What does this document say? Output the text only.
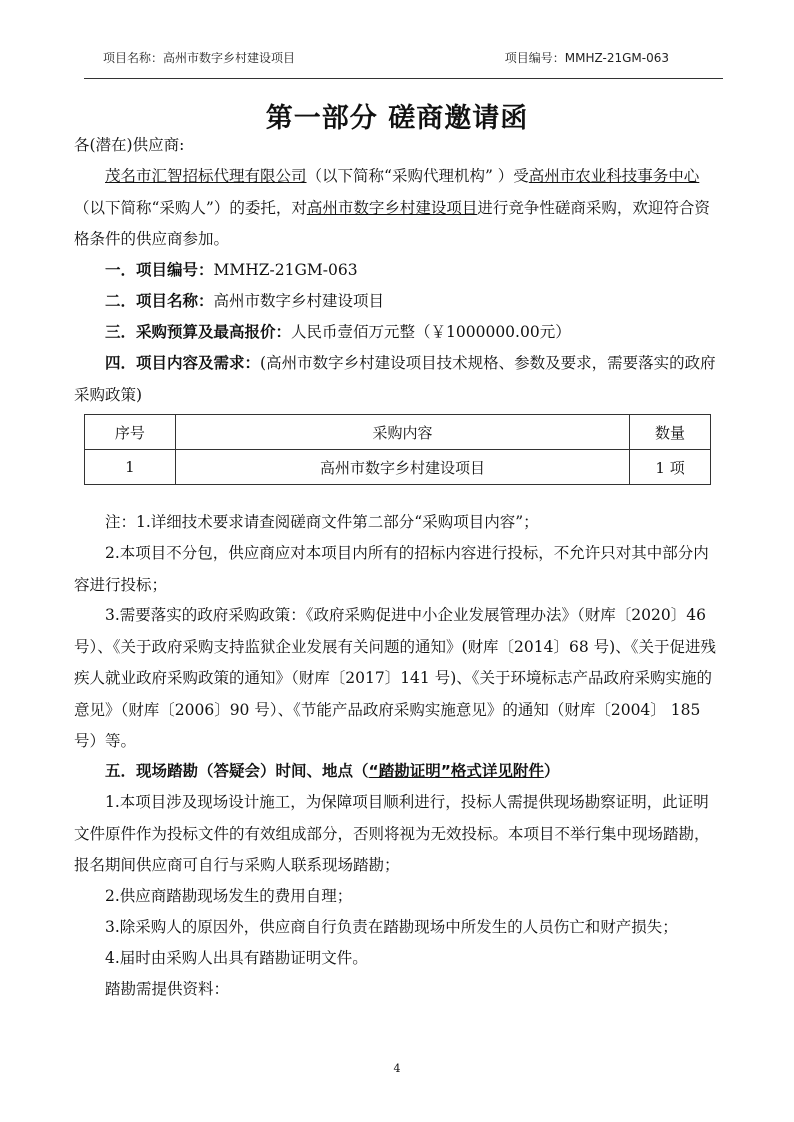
项目名称：高州市数字乡村建设项目	项目编号：MMHZ-21GM-063
第一部分 磋商邀请函
各(潜在)供应商:
茂名市汇智招标代理有限公司（以下简称“采购代理机构” ）受高州市农业科技事务中心（以下简称“采购人”）的委托，对高州市数字乡村建设项目进行竞争性磋商采购，欢迎符合资格条件的供应商参加。
一．项目编号：MMHZ-21GM-063
二．项目名称：高州市数字乡村建设项目
三．采购预算及最高报价：人民币壹佰万元整（￥1000000.00元）
四．项目内容及需求：(高州市数字乡村建设项目技术规格、参数及要求，需要落实的政府采购政策)
序号	采购内容	数量
1	高州市数字乡村建设项目	1 项
注：1.详细技术要求请查阅磋商文件第二部分“采购项目内容”；
2.本项目不分包，供应商应对本项目内所有的招标内容进行投标，不允许只对其中部分内容进行投标；
3.需要落实的政府采购政策：《政府采购促进中小企业发展管理办法》（财库〔2020〕46 号）、《关于政府采购支持监狱企业发展有关问题的通知》(财库〔2014〕68 号)、《关于促进残疾人就业政府采购政策的通知》（财库〔2017〕141 号)、《关于环境标志产品政府采购实施的意见》（财库〔2006〕90 号）、《节能产品政府采购实施意见》的通知（财库〔2004〕 185 号）等。
五．现场踏勘（答疑会）时间、地点（“踏勘证明”格式详见附件）
1.本项目涉及现场设计施工，为保障项目顺利进行，投标人需提供现场勘察证明，此证明文件原件作为投标文件的有效组成部分，否则将视为无效投标。本项目不举行集中现场踏勘，报名期间供应商可自行与采购人联系现场踏勘；
2.供应商踏勘现场发生的费用自理；
3.除采购人的原因外，供应商自行负责在踏勘现场中所发生的人员伤亡和财产损失；
4.届时由采购人出具有踏勘证明文件。
踏勘需提供资料：
4
